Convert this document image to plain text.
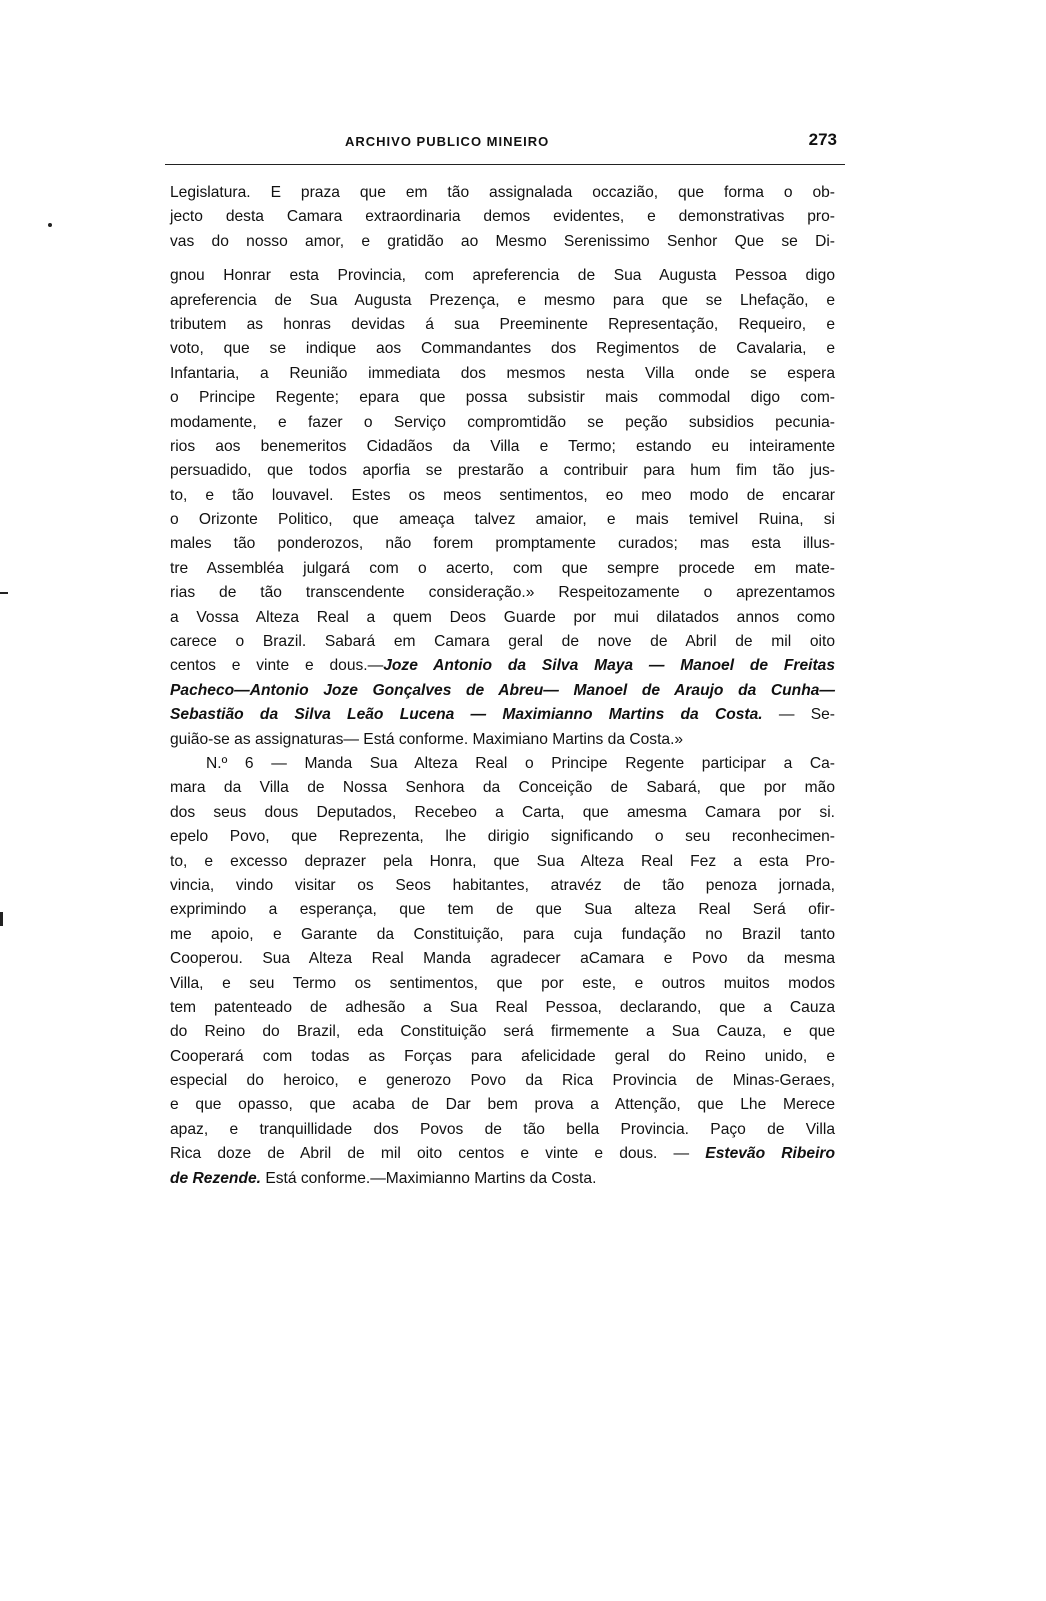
ARCHIVO PUBLICO MINEIRO	273
Legislatura. E praza que em tão assignalada occazião, que forma o ob-
jecto desta Camara extraordinaria demos evidentes, e demonstrativas pro-
vas do nosso amor, e gratidão ao Mesmo Serenissimo Senhor Que se Di-
gnou Honrar esta Provincia, com apreferencia de Sua Augusta Pessoa digo
apreferencia de Sua Augusta Prezença, e mesmo para que se Lhefação, e
tributem as honras devidas á sua Preeminente Representação, Requeiro, e
voto, que se indique aos Commandantes dos Regimentos de Cavalaria, e
Infantaria, a Reunião immediata dos mesmos nesta Villa onde se espera
o Principe Regente; epara que possa subsistir mais commodal digo com-
modamente, e fazer o Serviço compromtidão se peção subsidios pecunia-
rios aos benemeritos Cidadãos da Villa e Termo; estando eu inteiramente
persuadido, que todos aporfia se prestarão a contribuir para hum fim tão jus-
to, e tão louvavel. Estes os meos sentimentos, eo meo modo de encarar
o Orizonte Politico, que ameaça talvez amaior, e mais temivel Ruina, si
males tão ponderozos, não forem promptamente curados; mas esta illus-
tre Assembléa julgará com o acerto, com que sempre procede em mate-
rias de tão transcendente consideração.» Respeitozamente o aprezentamos
a Vossa Alteza Real a quem Deos Guarde por mui dilatados annos como
carece o Brazil. Sabará em Camara geral de nove de Abril de mil oito
centos e vinte e dous.—Joze Antonio da Silva Maya — Manoel de Freitas
Pacheco—Antonio Joze Gonçalves de Abreu— Manoel de Araujo da Cunha—
Sebastião da Silva Leão Lucena — Maximianno Martins da Costa. — Se-
guião-se as assignaturas— Está conforme. Maximiano Martins da Costa.»
N.º 6 — Manda Sua Alteza Real o Principe Regente participar a Ca-
mara da Villa de Nossa Senhora da Conceição de Sabará, que por mão
dos seus dous Deputados, Recebeo a Carta, que amesma Camara por si.
epelo Povo, que Reprezenta, lhe dirigio significando o seu reconhecimen-
to, e excesso deprazer pela Honra, que Sua Alteza Real Fez a esta Pro-
vincia, vindo visitar os Seos habitantes, atravéz de tão penoza jornada,
exprimindo a esperança, que tem de que Sua alteza Real Será ofir-
me apoio, e Garante da Constituição, para cuja fundação no Brazil tanto
Cooperou. Sua Alteza Real Manda agradecer aCamara e Povo da mesma
Villa, e seu Termo os sentimentos, que por este, e outros muitos modos
tem patenteado de adhesão a Sua Real Pessoa, declarando, que a Cauza
do Reino do Brazil, eda Constituição será firmemente a Sua Cauza, e que
Cooperará com todas as Forças para afelicidade geral do Reino unido, e
especial do heroico, e generozo Povo da Rica Provincia de Minas-Geraes,
e que opasso, que acaba de Dar bem prova a Attenção, que Lhe Merece
apaz, e tranquillidade dos Povos de tão bella Provincia. Paço de Villa
Rica doze de Abril de mil oito centos e vinte e dous. — Estevão Ribeiro
de Rezende. Está conforme.—Maximianno Martins da Costa.
